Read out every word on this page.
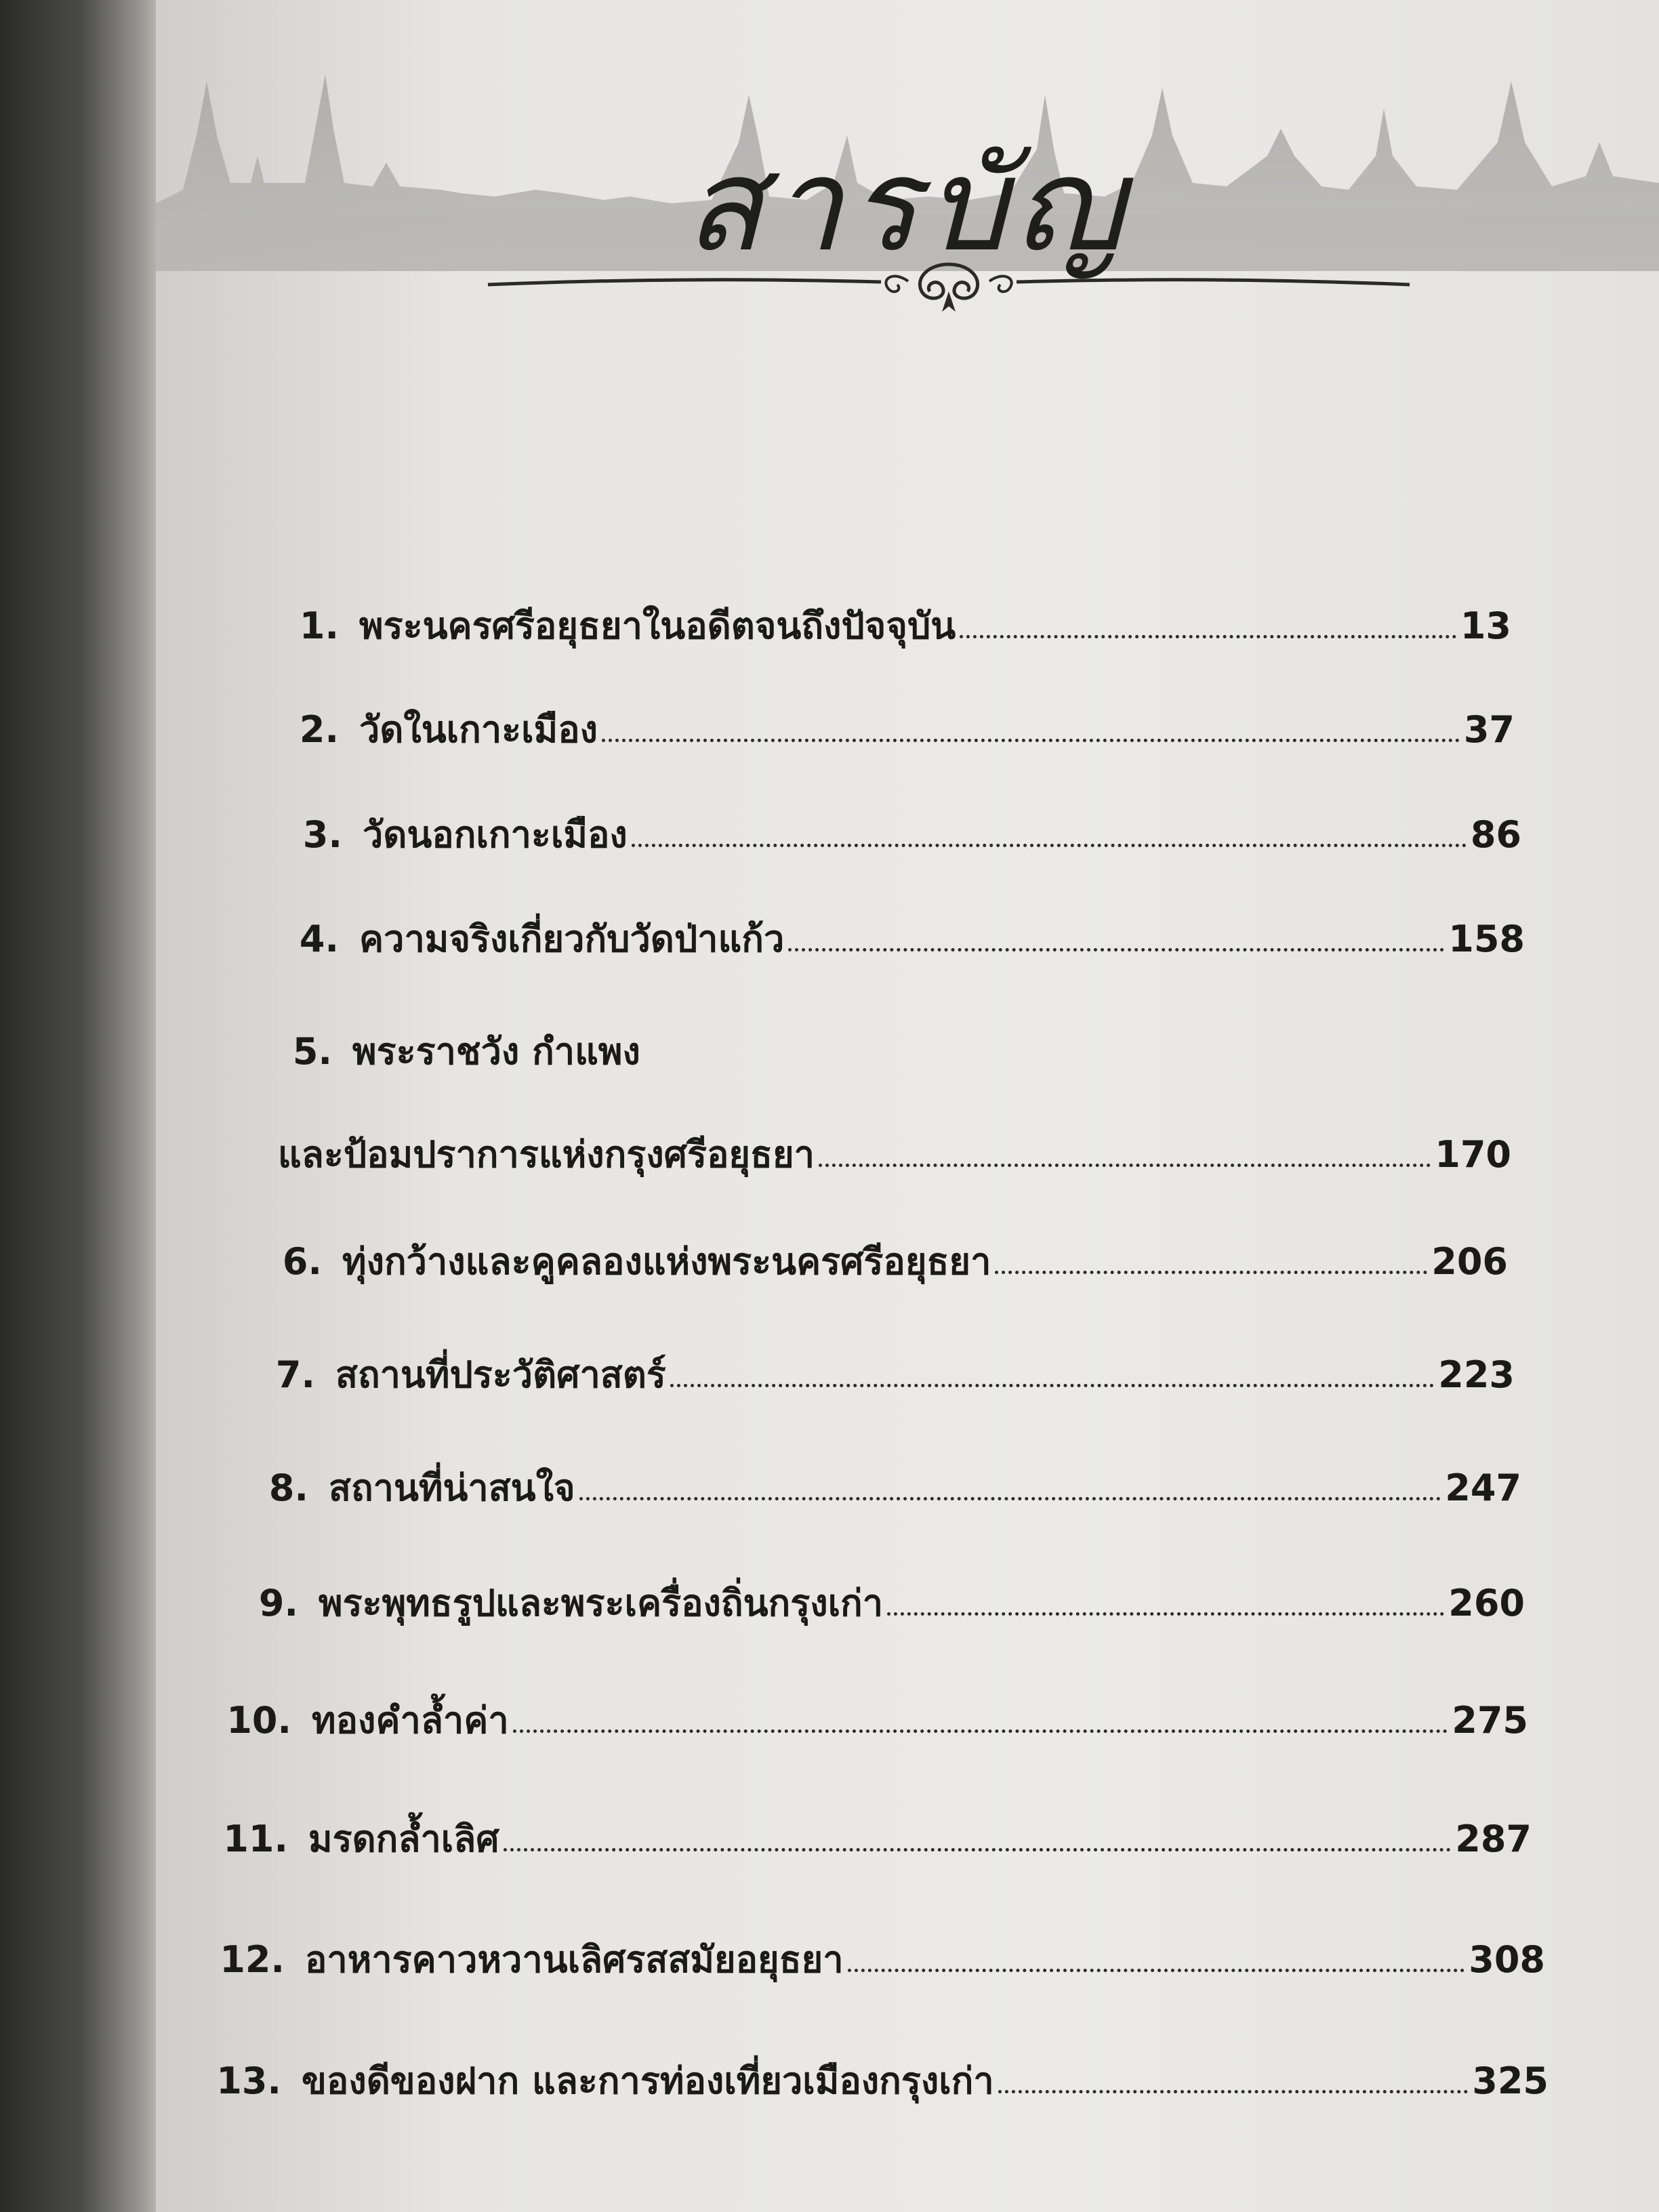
สารบัญ
1. พระนครศรีอยุธยาในอดีตจนถึงปัจจุบัน	13
2. วัดในเกาะเมือง	37
3. วัดนอกเกาะเมือง	86
4. ความจริงเกี่ยวกับวัดป่าแก้ว	158
5. พระราชวัง กำแพง
และป้อมปราการแห่งกรุงศรีอยุธยา	170
6. ทุ่งกว้างและคูคลองแห่งพระนครศรีอยุธยา	206
7. สถานที่ประวัติศาสตร์	223
8. สถานที่น่าสนใจ	247
9. พระพุทธรูปและพระเครื่องถิ่นกรุงเก่า	260
10. ทองคำล้ำค่า	275
11. มรดกล้ำเลิศ	287
12. อาหารคาวหวานเลิศรสสมัยอยุธยา	308
13. ของดีของฝาก และการท่องเที่ยวเมืองกรุงเก่า	325
